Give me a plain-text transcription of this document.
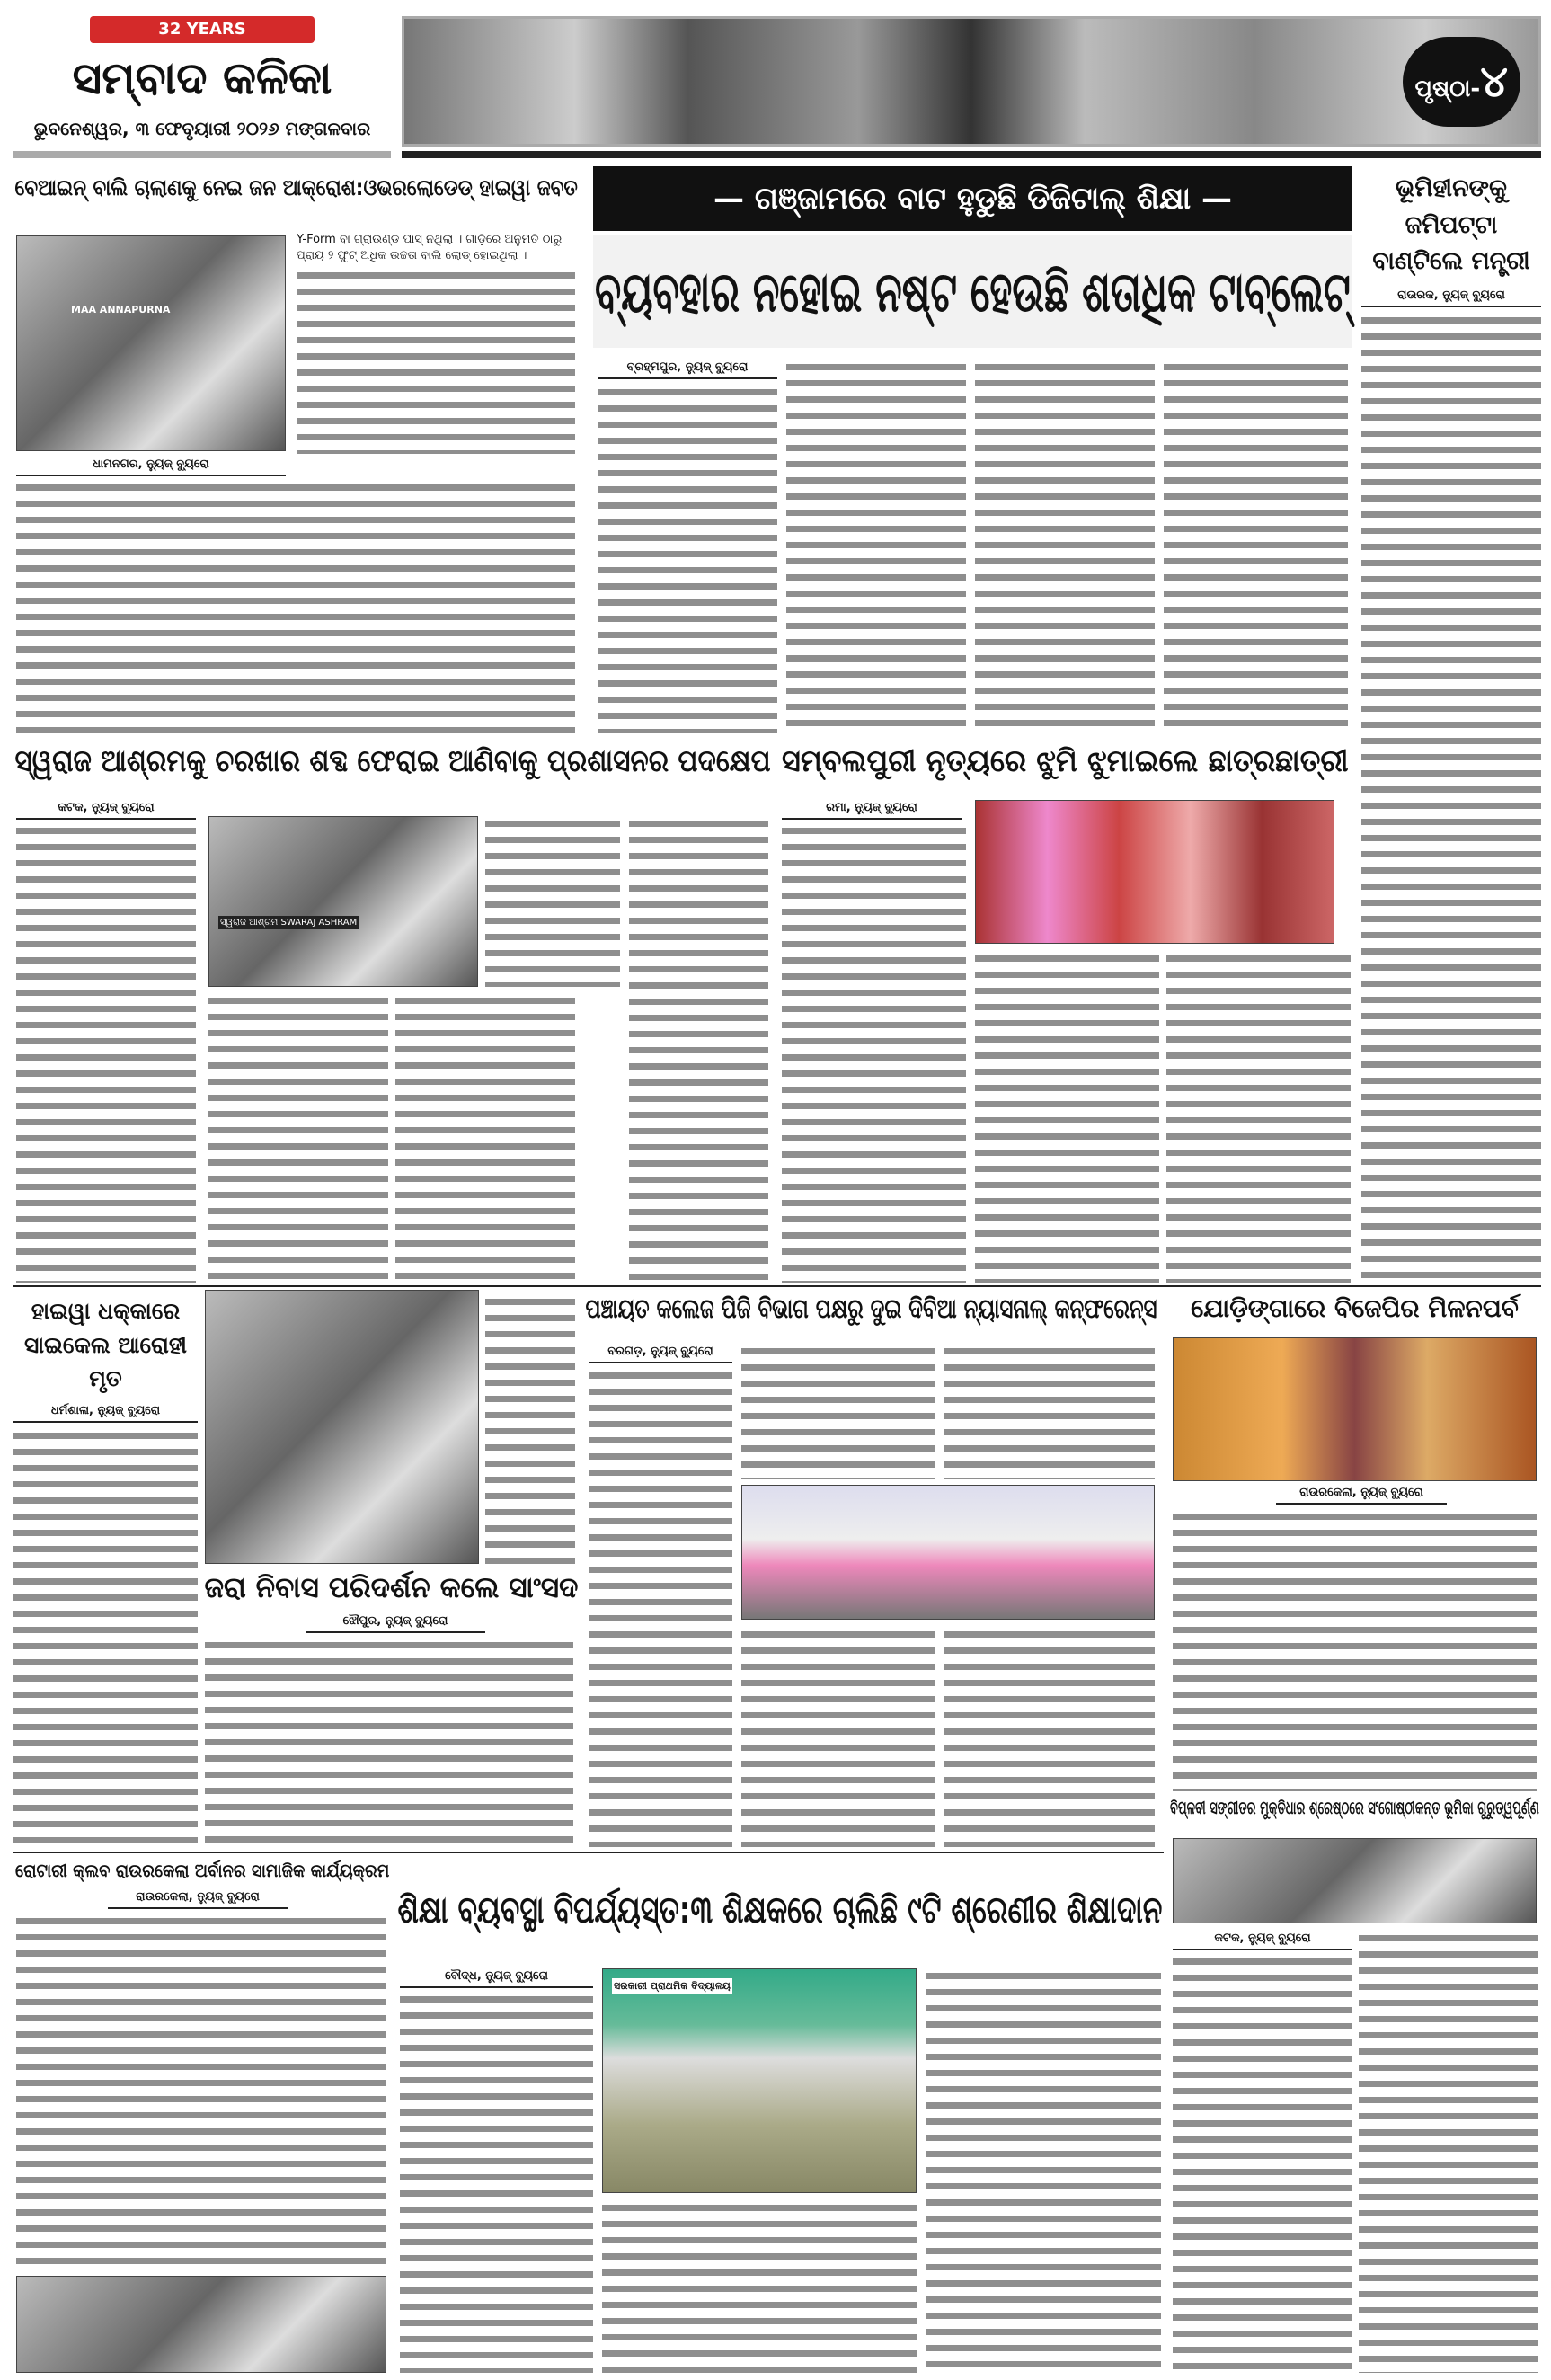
32 YEARS
ସମ୍ବାଦ କଳିକା
ଭୁବନେଶ୍ୱର, ୩ ଫେବୃୟାରୀ ୨୦୨୬ ମଙ୍ଗଳବାର
ପୃଷ୍ଠା-୪
ବେଆଇନ୍ ବାଲି ଚାଲାଣକୁ ନେଇ ଜନ ଆକ୍ରୋଶ:ଓଭରଲୋଡେଡ୍ ହାଇୱା ଜବତ
MAA ANNAPURNA
Y-Form ବା ଗ୍ରାଉଣ୍ଡ ପାସ୍ ନଥିଲା । ଗାଡ଼ିରେ ଅନୁମତି ଠାରୁ ପ୍ରାୟ ୨ ଫୁଟ୍ ଅଧିକ ଉଚ୍ଚତା ବାଲି ଲୋଡ୍ ହୋଇଥିଲା ।
ଧାମନଗର, ନ୍ୟୁଜ୍ ବ୍ୟୁରୋ
— ଗଞ୍ଜାମରେ ବାଟ ହୁଡୁଛି ଡିଜିଟାଲ୍ ଶିକ୍ଷା —
ବ୍ୟବହାର ନହୋଇ ନଷ୍ଟ ହେଉଛି ଶତାଧିକ ଟାବ୍‌ଲେଟ୍
ବ୍ରହ୍ମପୁର, ନ୍ୟୁଜ୍ ବ୍ୟୁରୋ
ଭୂମିହୀନଙ୍କୁ ଜମିପଟ୍ଟା ବାଣ୍ଟିଲେ ମନ୍ତ୍ରୀ
ରାଉରକ, ନ୍ୟୁଜ୍ ବ୍ୟୁରୋ
ସ୍ୱରାଜ ଆଶ୍ରମକୁ ଚରଖାର ଶବ୍ଦ ଫେରାଇ ଆଣିବାକୁ ପ୍ରଶାସନର ପଦକ୍ଷେପ
କଟକ, ନ୍ୟୁଜ୍ ବ୍ୟୁରୋ
ସ୍ୱରାଜ ଆଶ୍ରମ SWARAJ ASHRAM
ସମ୍ବଲପୁରୀ ନୃତ୍ୟରେ ଝୁମି ଝୁମାଇଲେ ଛାତ୍ରଛାତ୍ରୀ
ରମା, ନ୍ୟୁଜ୍ ବ୍ୟୁରୋ
ହାଇୱା ଧକ୍କାରେ ସାଇକେଲ ଆରୋହୀ ମୃତ
ଧର୍ମଶାଳା, ନ୍ୟୁଜ୍ ବ୍ୟୁରୋ
ଜରା ନିବାସ ପରିଦର୍ଶନ କଲେ ସାଂସଦ
ଝୌପୁର, ନ୍ୟୁଜ୍ ବ୍ୟୁରୋ
ପଞ୍ଚାୟତ କଲେଜ ପିଜି ବିଭାଗ ପକ୍ଷରୁ ଦୁଇ ଦିବିଆ ନ୍ୟାସନାଲ୍ କନ୍‌ଫରେନ୍ସ
ବରଗଡ଼, ନ୍ୟୁଜ୍ ବ୍ୟୁରୋ
ଯୋଡ଼ିଙ୍ଗାରେ ବିଜେପିର ମିଳନପର୍ବ
ରାଉରକେଲା, ନ୍ୟୁଜ୍ ବ୍ୟୁରୋ
ବିପ୍ଳବୀ ସଙ୍ଗୀତର ମୁକ୍ତିଧାର ଶ୍ରେଷ୍ଠରେ ସଂଗୋଷ୍ଠୀକନ୍ତ ଭୂମିକା ଗୁରୁତ୍ୱପୂର୍ଣ୍ଣ
କଟକ, ନ୍ୟୁଜ୍ ବ୍ୟୁରୋ
ରୋଟାରୀ କ୍ଲବ ରାଉରକେଲା ଅର୍ବାନର ସାମାଜିକ କାର୍ଯ୍ୟକ୍ରମ
ରାଉରକେଲା, ନ୍ୟୁଜ୍ ବ୍ୟୁରୋ	ଶିକ୍ଷା ବ୍ୟବସ୍ଥା ବିପର୍ଯ୍ୟସ୍ତ:୩ ଶିକ୍ଷକରେ ଚାଲିଛି ୯ଟି ଶ୍ରେଣୀର ଶିକ୍ଷାଦାନ
ବୌଦ୍ଧ, ନ୍ୟୁଜ୍ ବ୍ୟୁରୋ
ସରକାରୀ ପ୍ରାଥମିକ ବିଦ୍ୟାଳୟ
